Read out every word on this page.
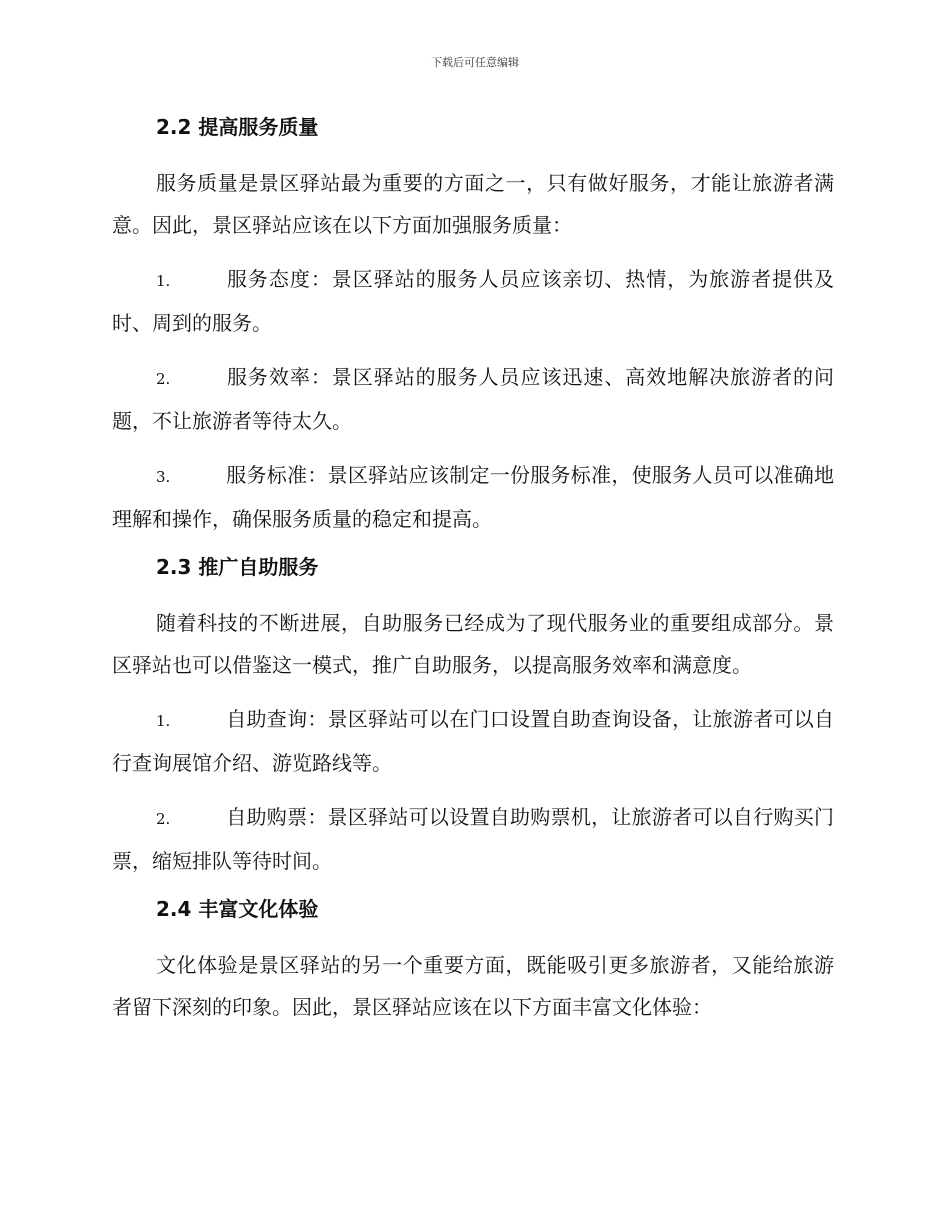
下载后可任意编辑
2.2 提高服务质量
服务质量是景区驿站最为重要的方面之一，只有做好服务，才能让旅游者满意。因此，景区驿站应该在以下方面加强服务质量：
1.	服务态度：景区驿站的服务人员应该亲切、热情，为旅游者提供及时、周到的服务。
2.	服务效率：景区驿站的服务人员应该迅速、高效地解决旅游者的问题，不让旅游者等待太久。
3.	服务标准：景区驿站应该制定一份服务标准，使服务人员可以准确地理解和操作，确保服务质量的稳定和提高。
2.3 推广自助服务
随着科技的不断进展，自助服务已经成为了现代服务业的重要组成部分。景区驿站也可以借鉴这一模式，推广自助服务，以提高服务效率和满意度。
1.	自助查询：景区驿站可以在门口设置自助查询设备，让旅游者可以自行查询展馆介绍、游览路线等。
2.	自助购票：景区驿站可以设置自助购票机，让旅游者可以自行购买门票，缩短排队等待时间。
2.4 丰富文化体验
文化体验是景区驿站的另一个重要方面，既能吸引更多旅游者，又能给旅游者留下深刻的印象。因此，景区驿站应该在以下方面丰富文化体验：
